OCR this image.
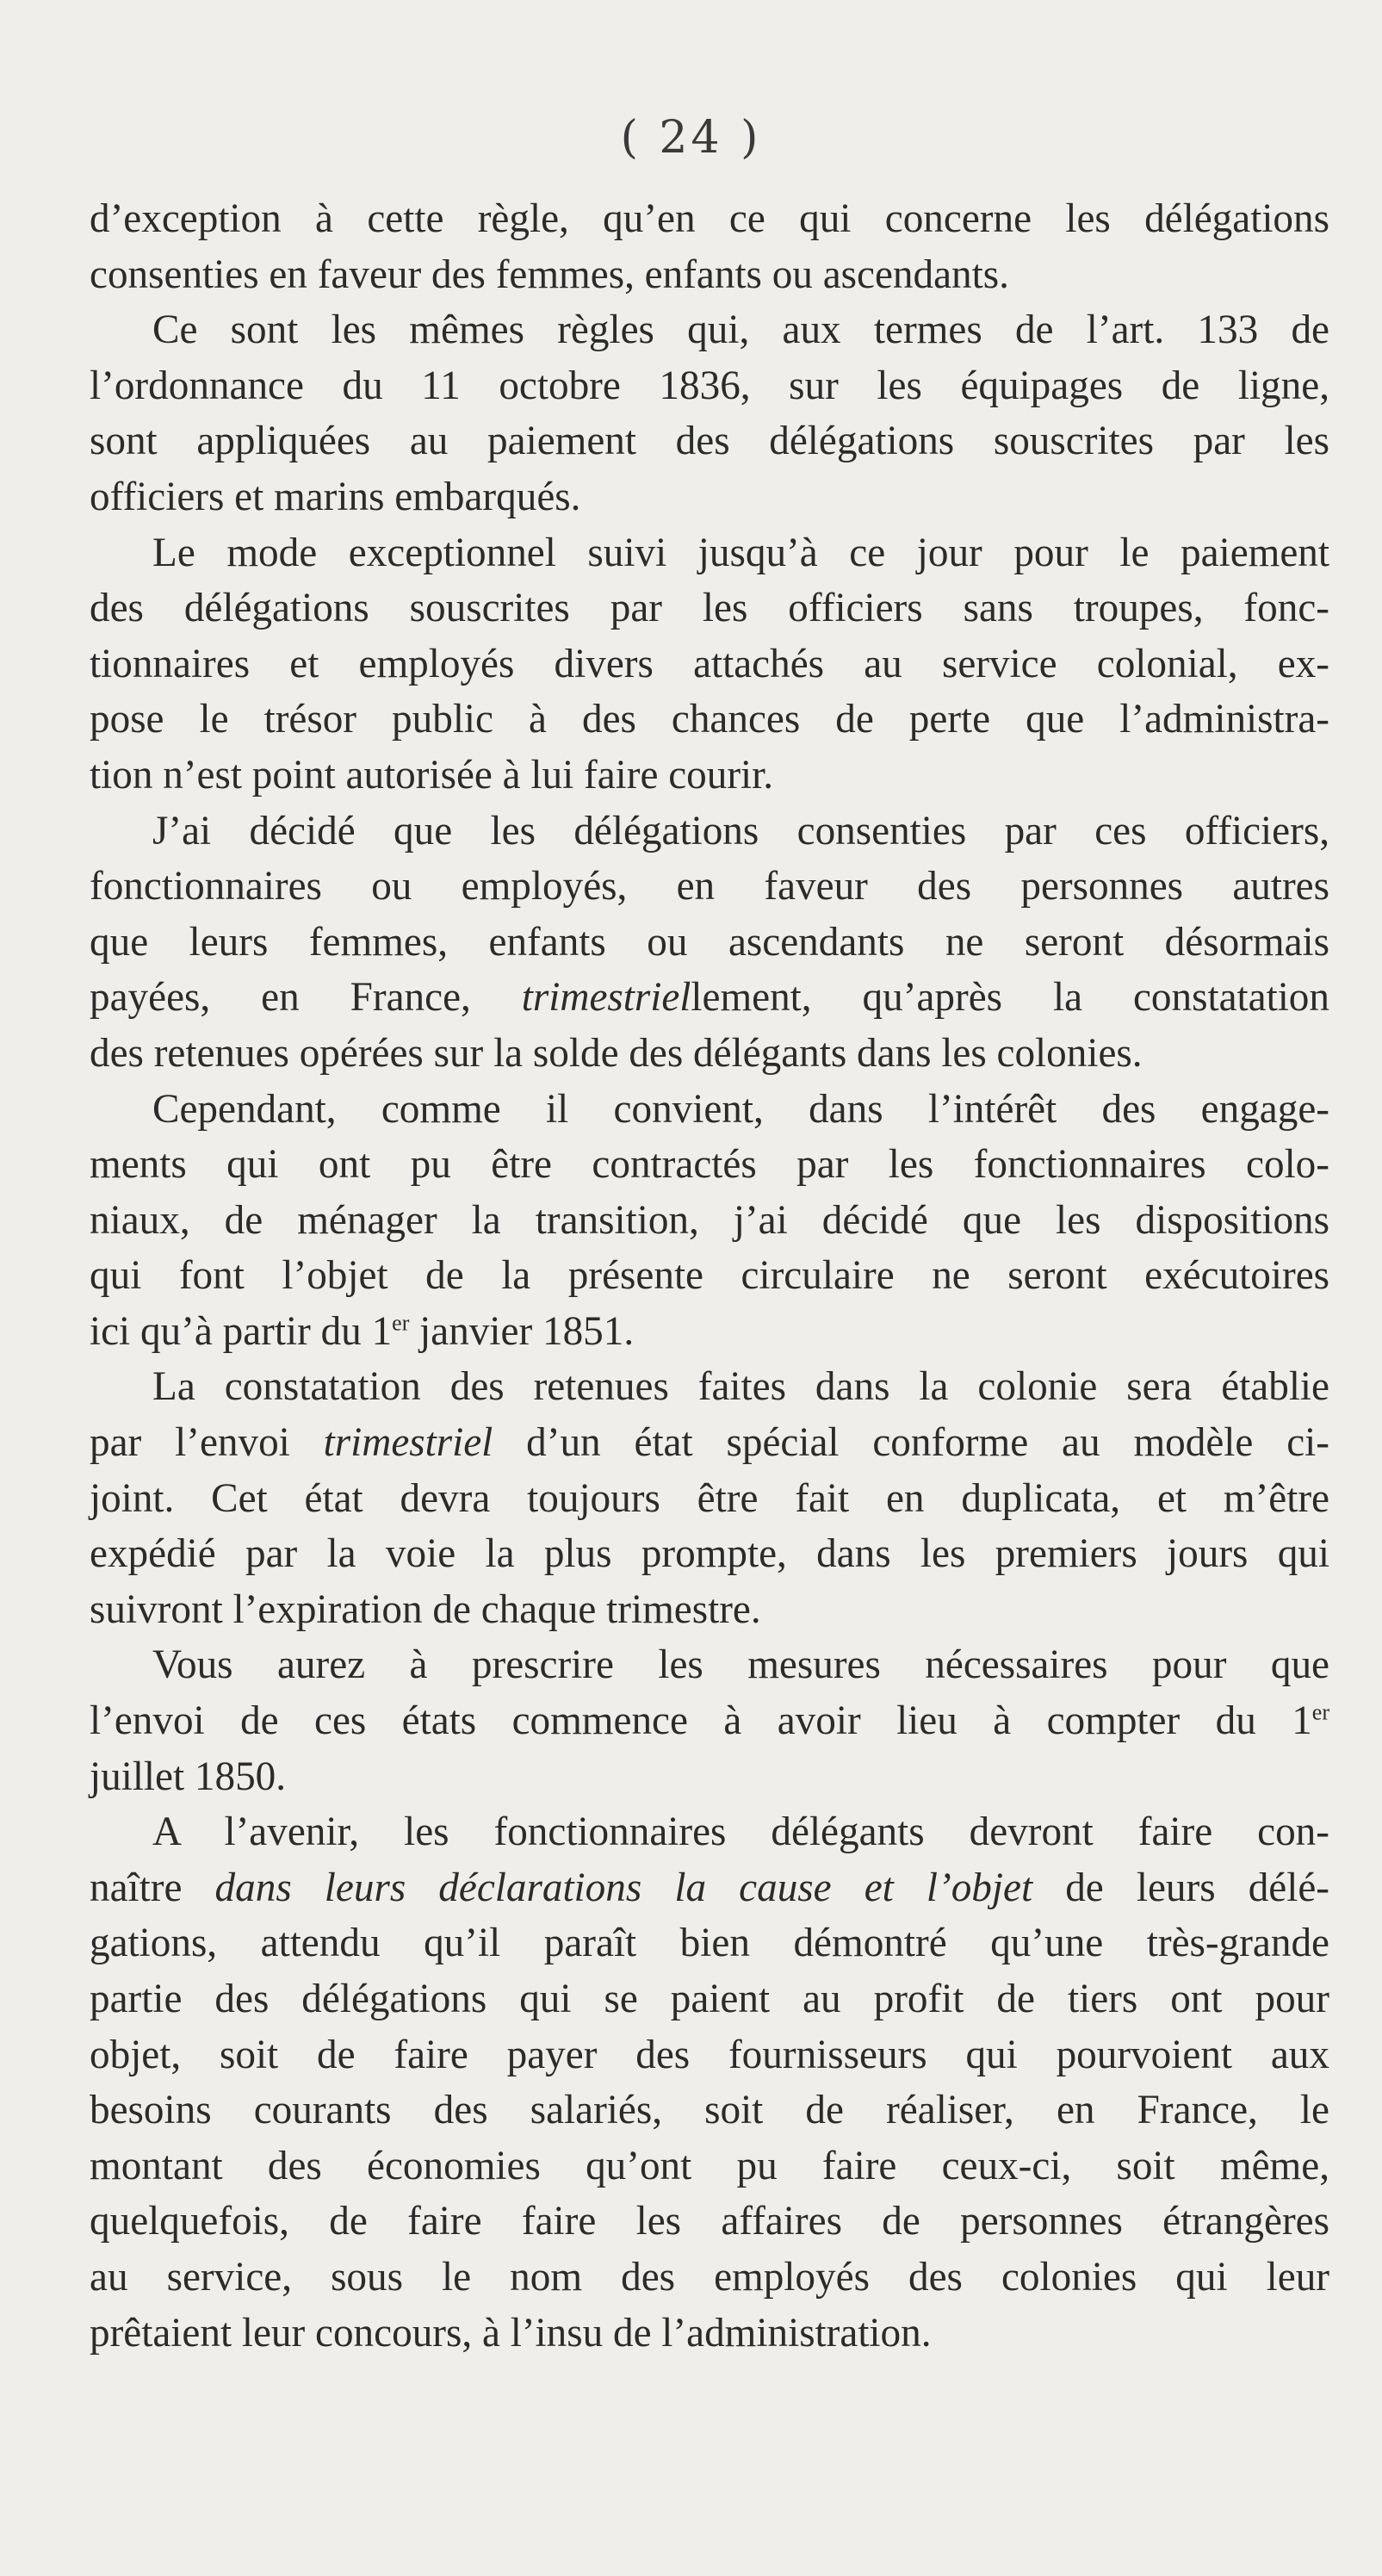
( 24 )
d’exception à cette règle, qu’en ce qui concerne les délégations
consenties en faveur des femmes, enfants ou ascendants.
Ce sont les mêmes règles qui, aux termes de l’art. 133 de
l’ordonnance du 11 octobre 1836, sur les équipages de ligne,
sont appliquées au paiement des délégations souscrites par les
officiers et marins embarqués.
Le mode exceptionnel suivi jusqu’à ce jour pour le paiement
des délégations souscrites par les officiers sans troupes, fonc-
tionnaires et employés divers attachés au service colonial, ex-
pose le trésor public à des chances de perte que l’administra-
tion n’est point autorisée à lui faire courir.
J’ai décidé que les délégations consenties par ces officiers,
fonctionnaires ou employés, en faveur des personnes autres
que leurs femmes, enfants ou ascendants ne seront désormais
payées, en France, trimestriellement, qu’après la constatation
des retenues opérées sur la solde des délégants dans les colonies.
Cependant, comme il convient, dans l’intérêt des engage-
ments qui ont pu être contractés par les fonctionnaires colo-
niaux, de ménager la transition, j’ai décidé que les dispositions
qui font l’objet de la présente circulaire ne seront exécutoires
ici qu’à partir du 1er janvier 1851.
La constatation des retenues faites dans la colonie sera établie
par l’envoi trimestriel d’un état spécial conforme au modèle ci-
joint. Cet état devra toujours être fait en duplicata, et m’être
expédié par la voie la plus prompte, dans les premiers jours qui
suivront l’expiration de chaque trimestre.
Vous aurez à prescrire les mesures nécessaires pour que
l’envoi de ces états commence à avoir lieu à compter du 1er
juillet 1850.
A l’avenir, les fonctionnaires délégants devront faire con-
naître dans leurs déclarations la cause et l’objet de leurs délé-
gations, attendu qu’il paraît bien démontré qu’une très-grande
partie des délégations qui se paient au profit de tiers ont pour
objet, soit de faire payer des fournisseurs qui pourvoient aux
besoins courants des salariés, soit de réaliser, en France, le
montant des économies qu’ont pu faire ceux-ci, soit même,
quelquefois, de faire faire les affaires de personnes étrangères
au service, sous le nom des employés des colonies qui leur
prêtaient leur concours, à l’insu de l’administration.
